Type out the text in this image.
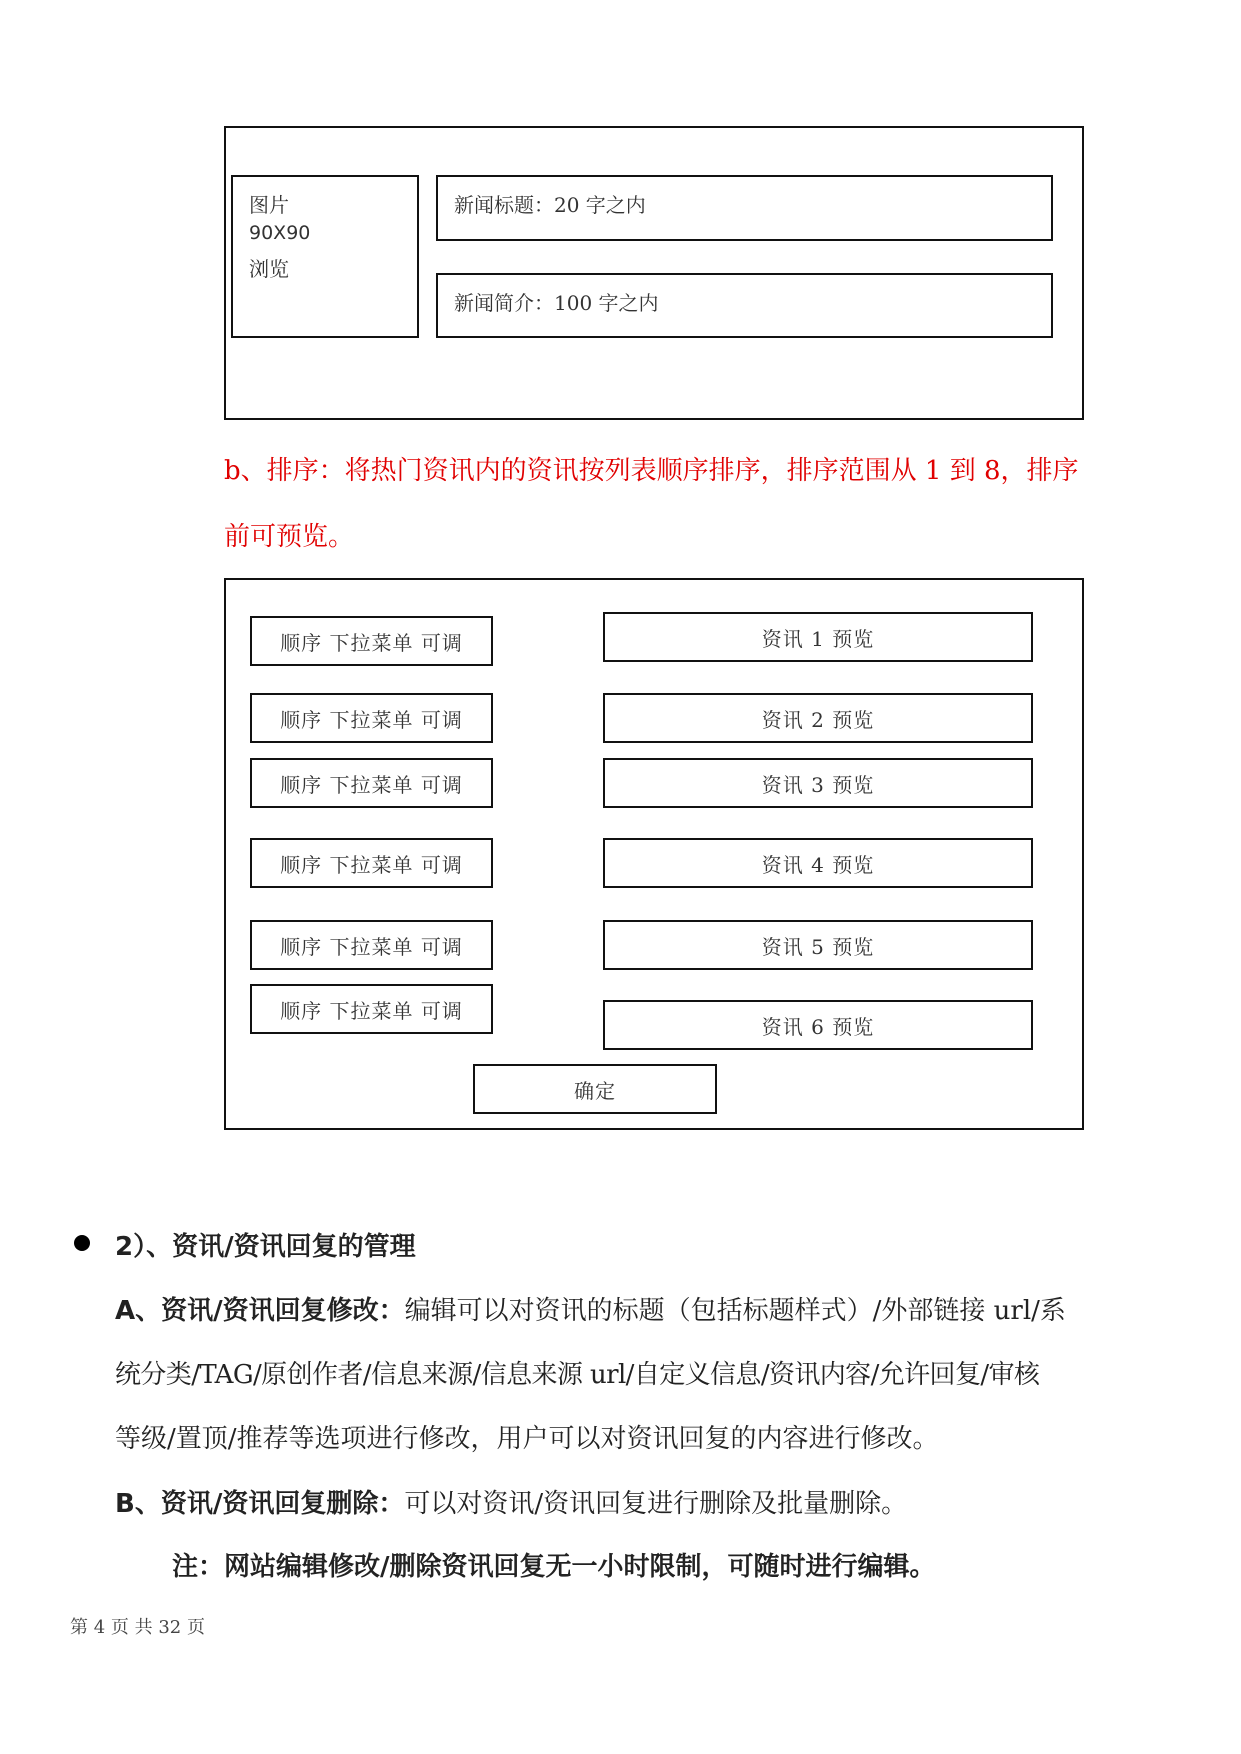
图片
90X90
浏览
新闻标题：20 字之内
新闻简介：100 字之内
b、排序：将热门资讯内的资讯按列表顺序排序，排序范围从 1 到 8，排序
前可预览。
顺序 下拉菜单 可调
顺序 下拉菜单 可调
顺序 下拉菜单 可调
顺序 下拉菜单 可调
顺序 下拉菜单 可调
顺序 下拉菜单 可调
资讯 1 预览
资讯 2 预览
资讯 3 预览
资讯 4 预览
资讯 5 预览
资讯 6 预览
确定
2）、资讯/资讯回复的管理
A、资讯/资讯回复修改：编辑可以对资讯的标题（包括标题样式）/外部链接 url/系
统分类/TAG/原创作者/信息来源/信息来源 url/自定义信息/资讯内容/允许回复/审核
等级/置顶/推荐等选项进行修改，用户可以对资讯回复的内容进行修改。
B、资讯/资讯回复删除：可以对资讯/资讯回复进行删除及批量删除。
注：网站编辑修改/删除资讯回复无一小时限制，可随时进行编辑。
第 4 页 共 32 页
